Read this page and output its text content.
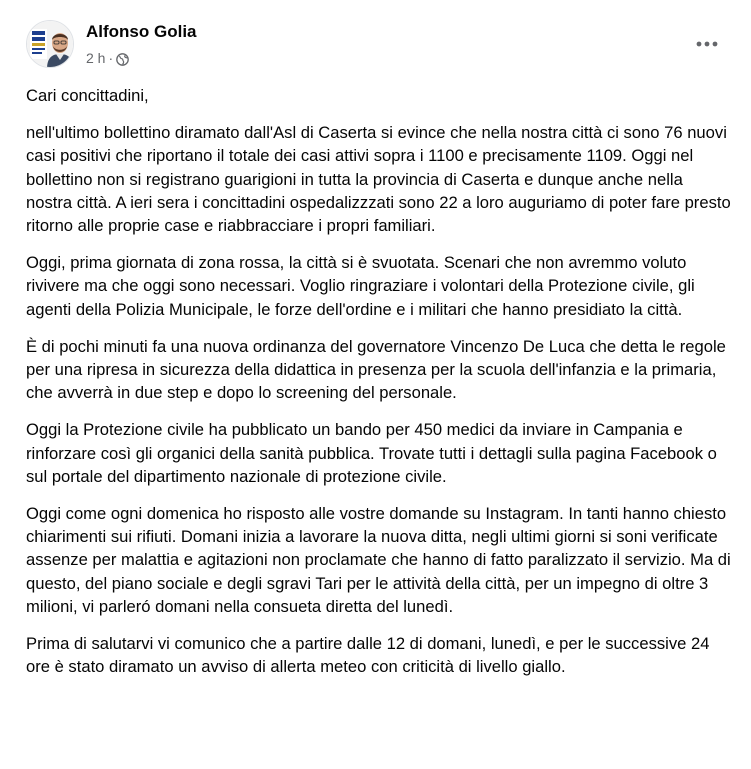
Alfonso Golia
2 h ·

Cari concittadini,

nell'ultimo bollettino diramato dall'Asl di Caserta si evince che nella nostra città ci sono 76 nuovi casi positivi che riportano il totale dei casi attivi sopra i 1100 e precisamente 1109. Oggi nel bollettino non si registrano guarigioni in tutta la provincia di Caserta e dunque anche nella nostra città. A ieri sera i concittadini ospedalizzzati sono 22 a loro auguriamo di poter fare presto ritorno alle proprie case e riabbracciare i propri familiari.

Oggi, prima giornata di zona rossa, la città si è svuotata. Scenari che non avremmo voluto rivivere ma che oggi sono necessari. Voglio ringraziare i volontari della Protezione civile, gli agenti della Polizia Municipale, le forze dell'ordine e i militari che hanno presidiato la città.

È di pochi minuti fa una nuova ordinanza del governatore Vincenzo De Luca che detta le regole per una ripresa in sicurezza della didattica in presenza per la scuola dell'infanzia e la primaria, che avverrà in due step e dopo lo screening del personale.

Oggi la Protezione civile ha pubblicato un bando per 450 medici da inviare in Campania e rinforzare così gli organici della sanità pubblica. Trovate tutti i dettagli sulla pagina Facebook o sul portale del dipartimento nazionale di protezione civile.

Oggi come ogni domenica ho risposto alle vostre domande su Instagram. In tanti hanno chiesto chiarimenti sui rifiuti. Domani inizia a lavorare la nuova ditta, negli ultimi giorni si soni verificate assenze per malattia e agitazioni non proclamate che hanno di fatto paralizzato il servizio. Ma di questo, del piano sociale e degli sgravi Tari per le attività della città, per un impegno di oltre 3 milioni, vi parleró domani nella consueta diretta del lunedì.

Prima di salutarvi vi comunico che a partire dalle 12 di domani, lunedì, e per le successive 24 ore è stato diramato un avviso di allerta meteo con criticità di livello giallo.
